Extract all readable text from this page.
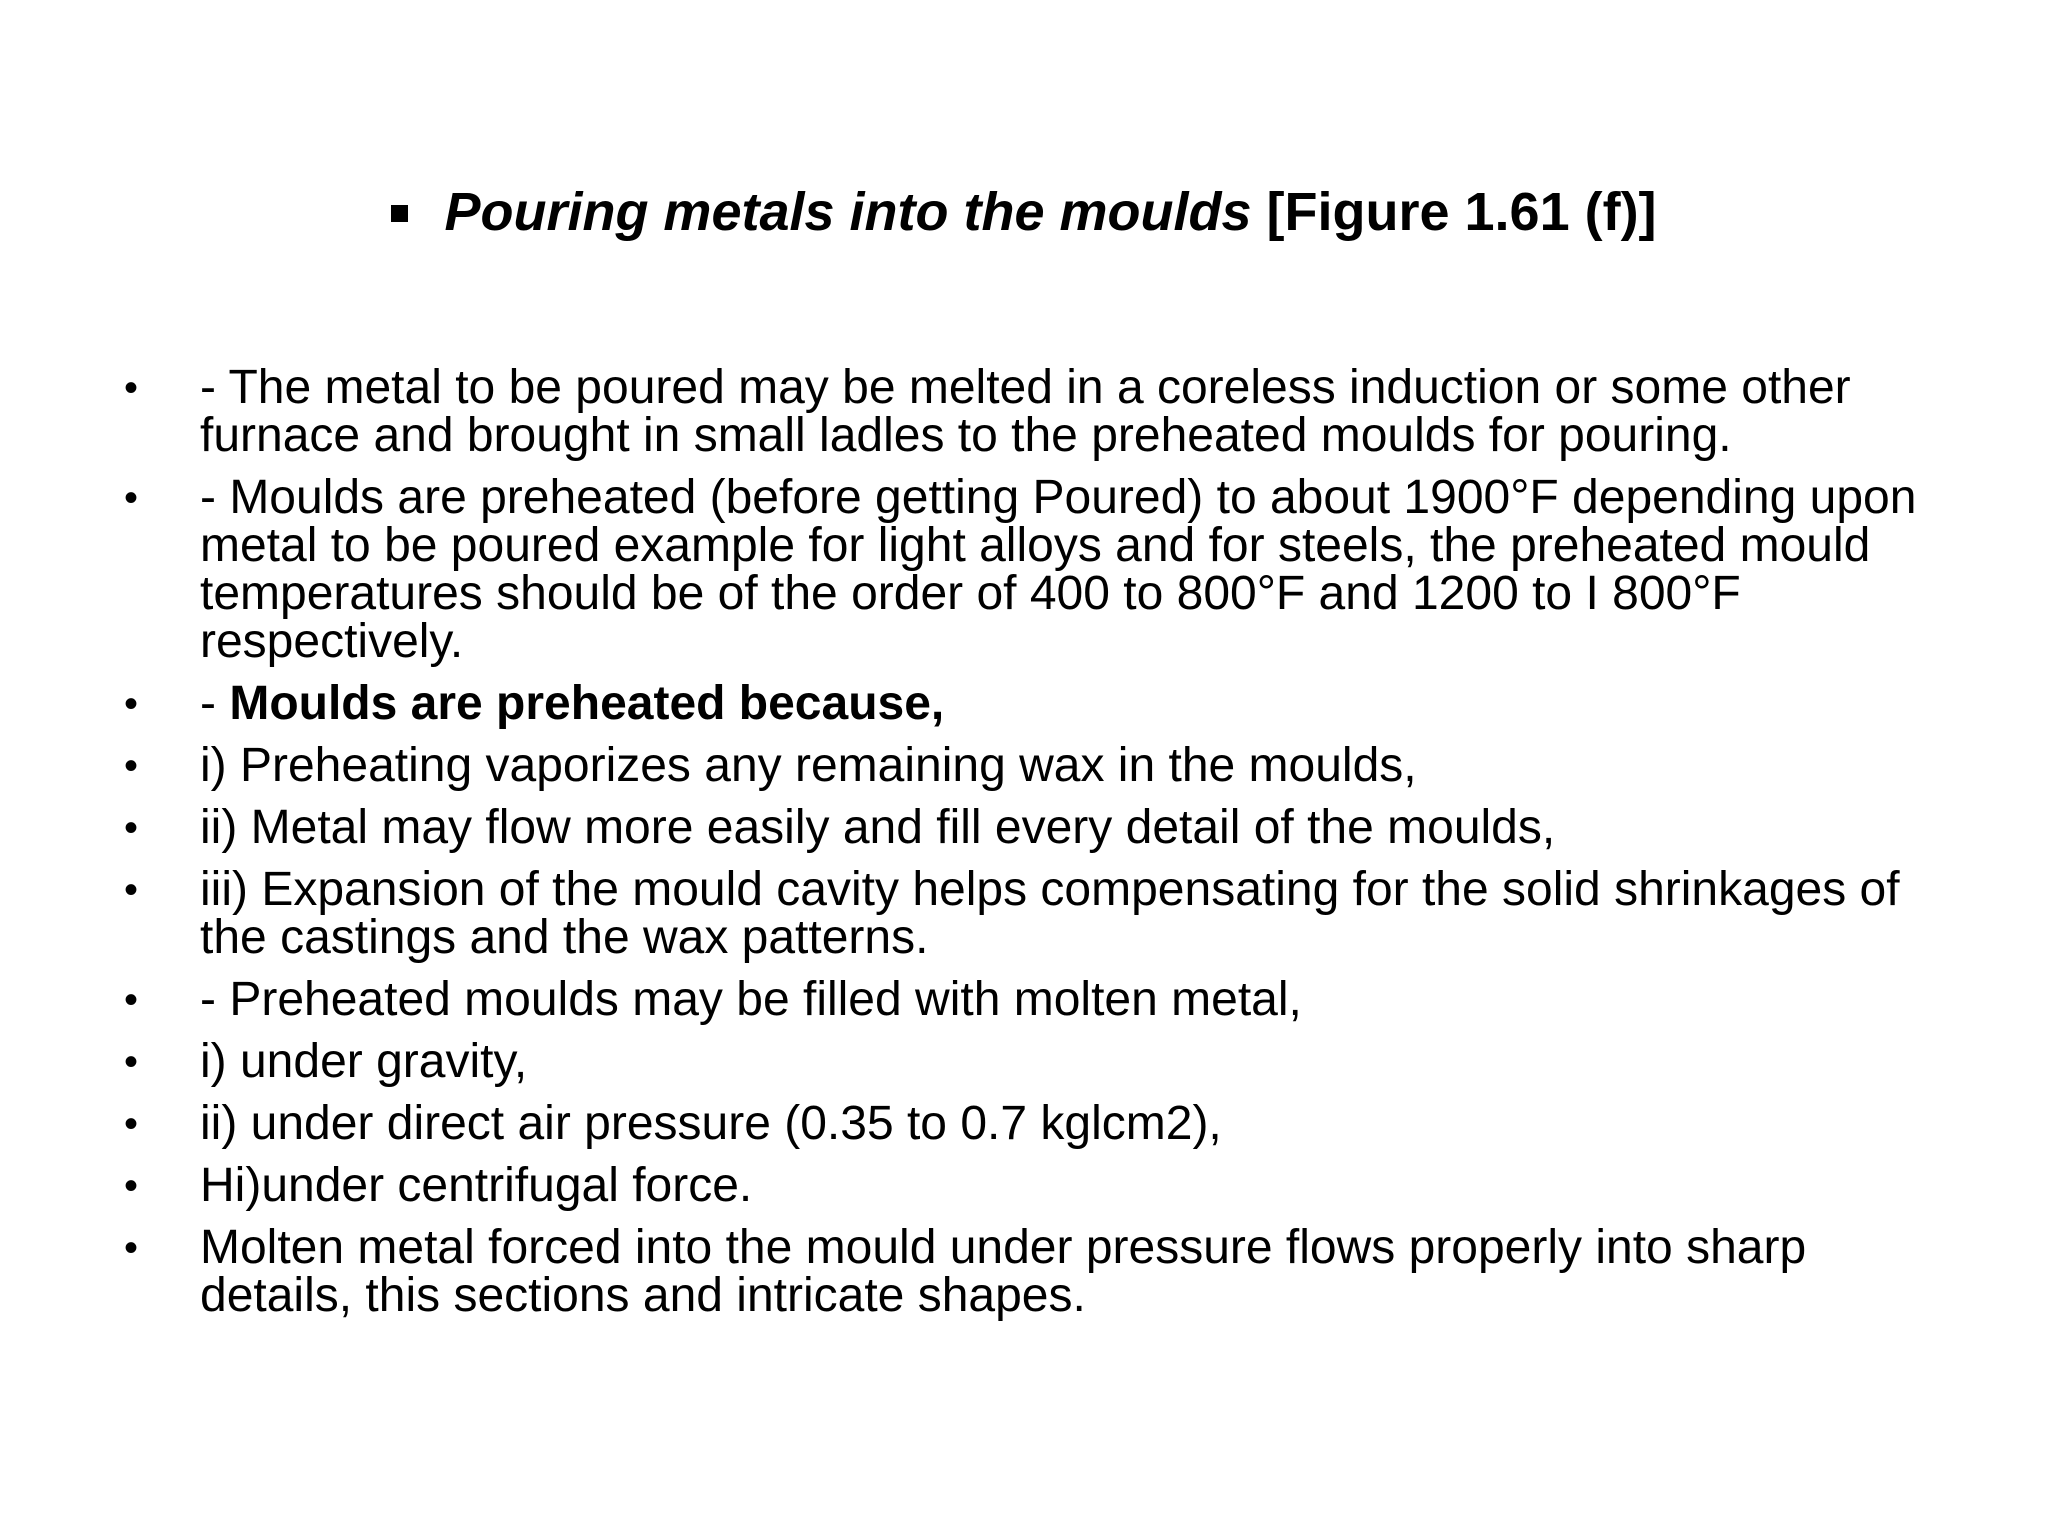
Pouring metals into the moulds [Figure 1.61 (f)]
• - The metal to be poured may be melted in a coreless induction or some other furnace and brought in small ladles to the preheated moulds for pouring.
• - Moulds are preheated (before getting Poured) to about 1900°F depending upon metal to be poured example for light alloys and for steels, the preheated mould temperatures should be of the order of 400 to 800°F and 1200 to I 800°F respectively.
• - Moulds are preheated because,
• i) Preheating vaporizes any remaining wax in the moulds,
• ii) Metal may flow more easily and fill every detail of the moulds,
• iii) Expansion of the mould cavity helps compensating for the solid shrinkages of the castings and the wax patterns.
• - Preheated moulds may be filled with molten metal,
• i) under gravity,
• ii) under direct air pressure (0.35 to 0.7 kglcm2),
• Hi)under centrifugal force.
• Molten metal forced into the mould under pressure flows properly into sharp details, this sections and intricate shapes.
